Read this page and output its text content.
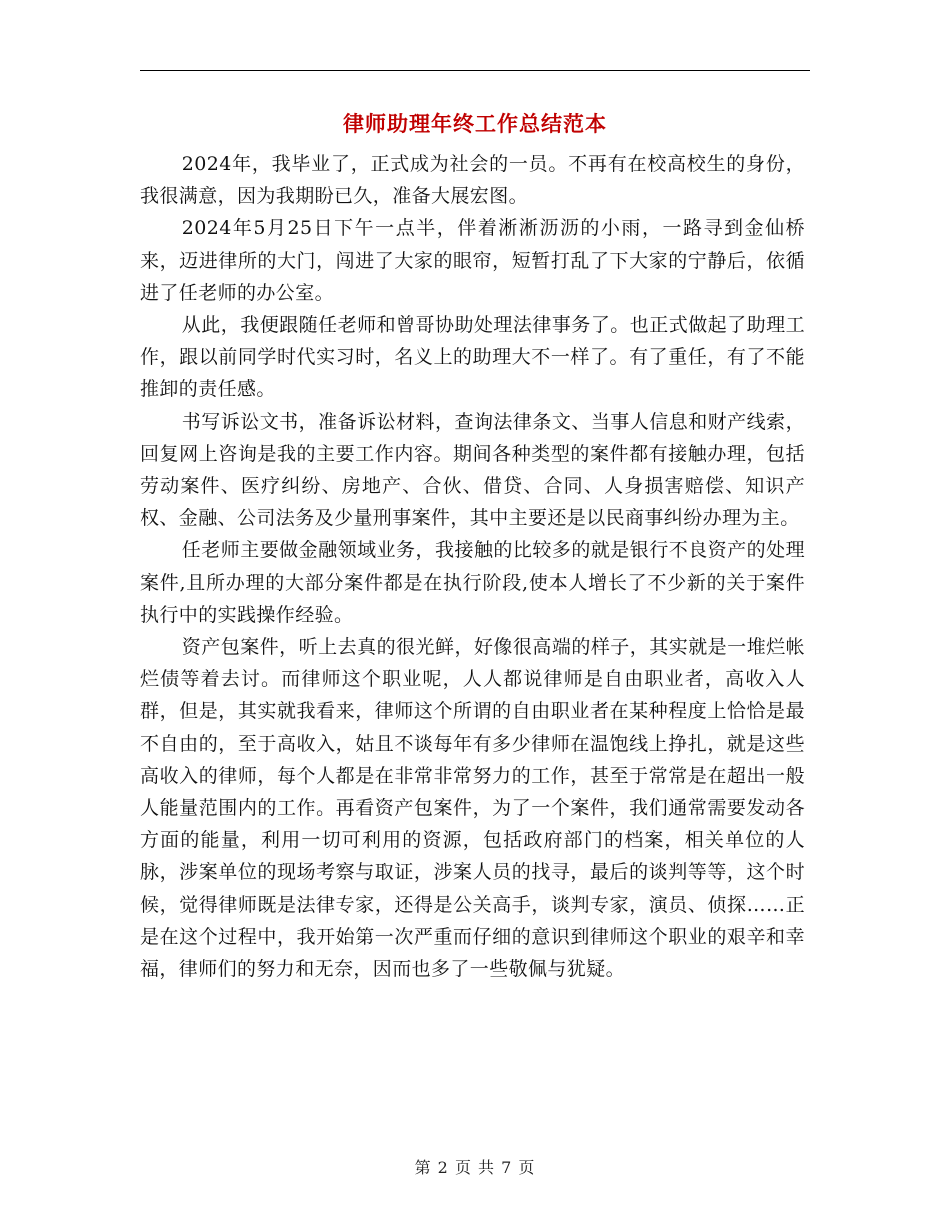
律师助理年终工作总结范本

2024年，我毕业了，正式成为社会的一员。不再有在校高校生的身份，我很满意，因为我期盼已久，准备大展宏图。

2024年5月25日下午一点半，伴着淅淅沥沥的小雨，一路寻到金仙桥来，迈进律所的大门，闯进了大家的眼帘，短暂打乱了下大家的宁静后，依循进了任老师的办公室。

从此，我便跟随任老师和曾哥协助处理法律事务了。也正式做起了助理工作，跟以前同学时代实习时，名义上的助理大不一样了。有了重任，有了不能推卸的责任感。

书写诉讼文书，准备诉讼材料，查询法律条文、当事人信息和财产线索，回复网上咨询是我的主要工作内容。期间各种类型的案件都有接触办理，包括劳动案件、医疗纠纷、房地产、合伙、借贷、合同、人身损害赔偿、知识产权、金融、公司法务及少量刑事案件，其中主要还是以民商事纠纷办理为主。

任老师主要做金融领域业务，我接触的比较多的就是银行不良资产的处理案件,且所办理的大部分案件都是在执行阶段,使本人增长了不少新的关于案件执行中的实践操作经验。

资产包案件，听上去真的很光鲜，好像很高端的样子，其实就是一堆烂帐烂债等着去讨。而律师这个职业呢，人人都说律师是自由职业者，高收入人群，但是，其实就我看来，律师这个所谓的自由职业者在某种程度上恰恰是最不自由的，至于高收入，姑且不谈每年有多少律师在温饱线上挣扎，就是这些高收入的律师，每个人都是在非常非常努力的工作，甚至于常常是在超出一般人能量范围内的工作。再看资产包案件，为了一个案件，我们通常需要发动各方面的能量，利用一切可利用的资源，包括政府部门的档案，相关单位的人脉，涉案单位的现场考察与取证，涉案人员的找寻，最后的谈判等等，这个时候，觉得律师既是法律专家，还得是公关高手，谈判专家，演员、侦探……正是在这个过程中，我开始第一次严重而仔细的意识到律师这个职业的艰辛和幸福，律师们的努力和无奈，因而也多了一些敬佩与犹疑。

第 2 页 共 7 页
